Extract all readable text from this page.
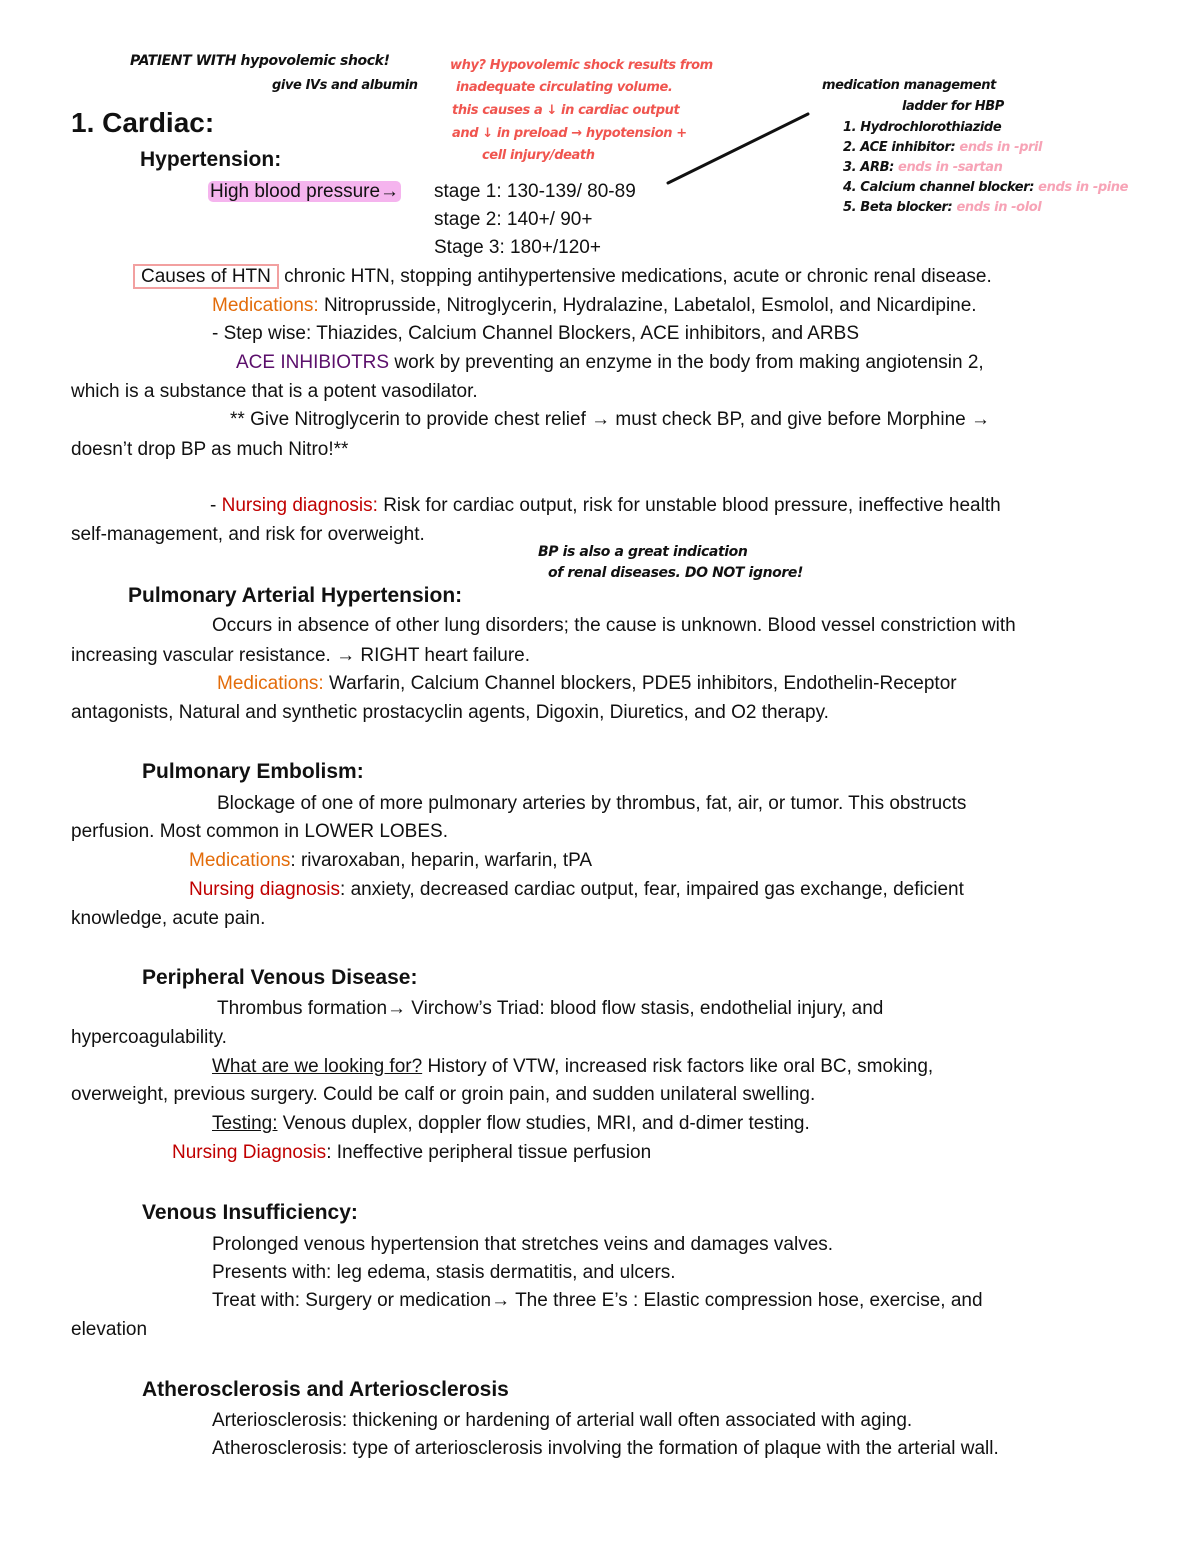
PATIENT WITH hypovolemic shock!
give IVs and albumin
why? Hypovolemic shock results from
inadequate circulating volume.
this causes a ↓ in cardiac output
and ↓ in preload → hypotension +
cell injury/death
medication management
ladder for HBP
1. Hydrochlorothiazide
2. ACE inhibitor: ends in -pril
3. ARB: ends in -sartan
4. Calcium channel blocker: ends in -pine
5. Beta blocker: ends in -olol
1. Cardiac:
Hypertension:
High blood pressure→ stage 1: 130-139/ 80-89
stage 2: 140+/ 90+
Stage 3: 180+/120+
Causes of HTN chronic HTN, stopping antihypertensive medications, acute or chronic renal disease.
Medications: Nitroprusside, Nitroglycerin, Hydralazine, Labetalol, Esmolol, and Nicardipine.
- Step wise: Thiazides, Calcium Channel Blockers, ACE inhibitors, and ARBS
ACE INHIBIOTRS work by preventing an enzyme in the body from making angiotensin 2,
which is a substance that is a potent vasodilator.
** Give Nitroglycerin to provide chest relief → must check BP, and give before Morphine →
doesn’t drop BP as much Nitro!**
- Nursing diagnosis: Risk for cardiac output, risk for unstable blood pressure, ineffective health
self-management, and risk for overweight.
BP is also a great indication
of renal diseases. DO NOT ignore!
Pulmonary Arterial Hypertension:
Occurs in absence of other lung disorders; the cause is unknown. Blood vessel constriction with
increasing vascular resistance. → RIGHT heart failure.
Medications: Warfarin, Calcium Channel blockers, PDE5 inhibitors, Endothelin-Receptor
antagonists, Natural and synthetic prostacyclin agents, Digoxin, Diuretics, and O2 therapy.
Pulmonary Embolism:
Blockage of one of more pulmonary arteries by thrombus, fat, air, or tumor. This obstructs
perfusion. Most common in LOWER LOBES.
Medications: rivaroxaban, heparin, warfarin, tPA
Nursing diagnosis: anxiety, decreased cardiac output, fear, impaired gas exchange, deficient
knowledge, acute pain.
Peripheral Venous Disease:
Thrombus formation→ Virchow’s Triad: blood flow stasis, endothelial injury, and
hypercoagulability.
What are we looking for? History of VTW, increased risk factors like oral BC, smoking,
overweight, previous surgery. Could be calf or groin pain, and sudden unilateral swelling.
Testing: Venous duplex, doppler flow studies, MRI, and d-dimer testing.
Nursing Diagnosis: Ineffective peripheral tissue perfusion
Venous Insufficiency:
Prolonged venous hypertension that stretches veins and damages valves.
Presents with: leg edema, stasis dermatitis, and ulcers.
Treat with: Surgery or medication→ The three E’s : Elastic compression hose, exercise, and
elevation
Atherosclerosis and Arteriosclerosis
Arteriosclerosis: thickening or hardening of arterial wall often associated with aging.
Atherosclerosis: type of arteriosclerosis involving the formation of plaque with the arterial wall.
